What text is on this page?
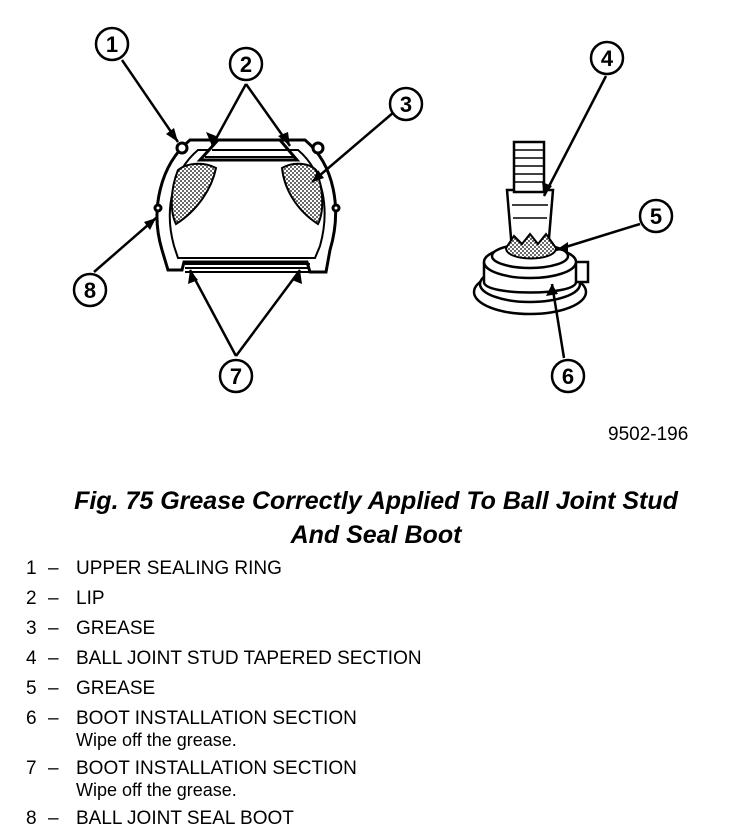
1
2
3
4
5
6
7
8
9502-196
Fig. 75 Grease Correctly Applied To Ball Joint Stud
And Seal Boot
1 – UPPER SEALING RING
2 – LIP
3 – GREASE
4 – BALL JOINT STUD TAPERED SECTION
5 – GREASE
6 – BOOT INSTALLATION SECTION
Wipe off the grease.
7 – BOOT INSTALLATION SECTION
Wipe off the grease.
8 – BALL JOINT SEAL BOOT
